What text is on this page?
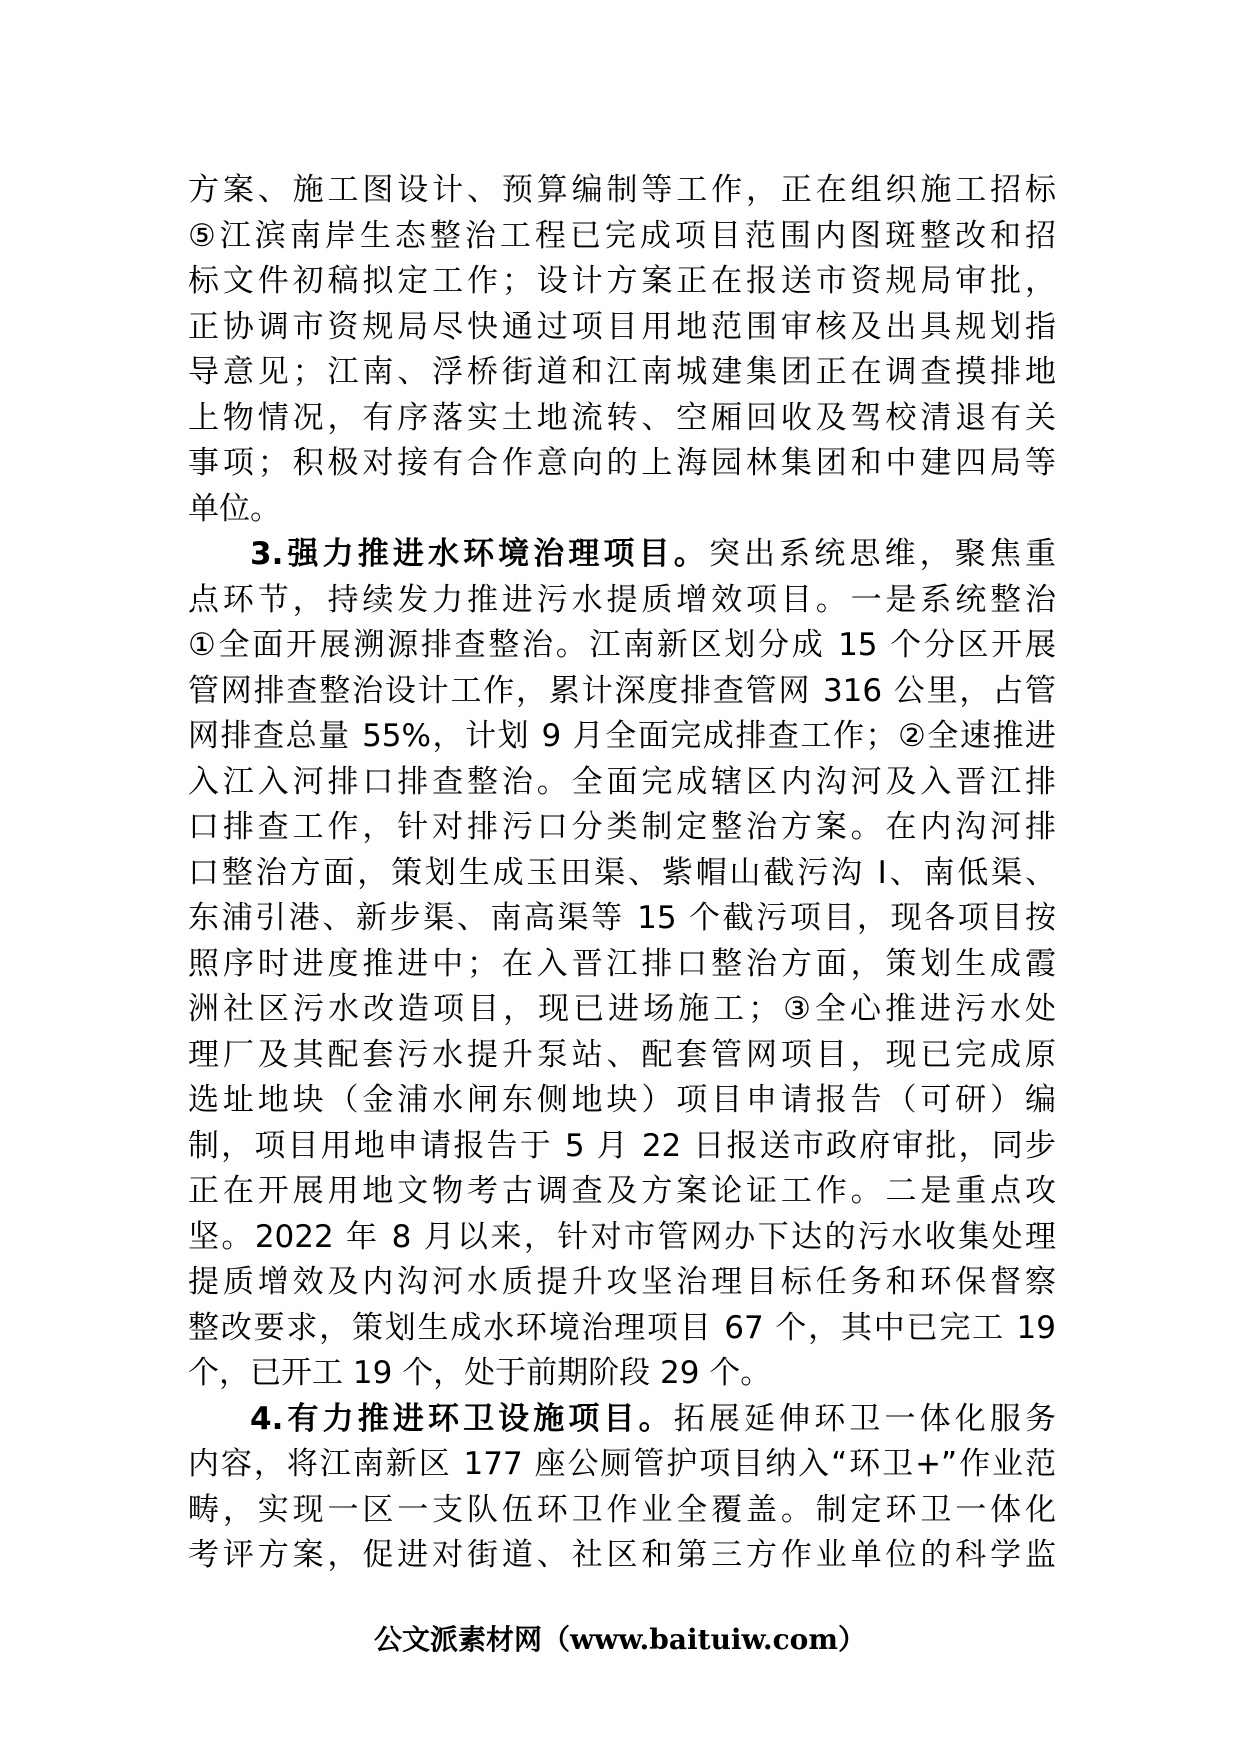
方案、施工图设计、预算编制等工作，正在组织施工招标
⑤江滨南岸生态整治工程已完成项目范围内图斑整改和招
标文件初稿拟定工作；设计方案正在报送市资规局审批，
正协调市资规局尽快通过项目用地范围审核及出具规划指
导意见；江南、浮桥街道和江南城建集团正在调查摸排地
上物情况，有序落实土地流转、空厢回收及驾校清退有关
事项；积极对接有合作意向的上海园林集团和中建四局等
单位。
3.强力推进水环境治理项目。突出系统思维，聚焦重
点环节，持续发力推进污水提质增效项目。一是系统整治
①全面开展溯源排查整治。江南新区划分成 15 个分区开展
管网排查整治设计工作，累计深度排查管网 316 公里，占管
网排查总量 55%，计划 9 月全面完成排查工作；②全速推进
入江入河排口排查整治。全面完成辖区内沟河及入晋江排
口排查工作，针对排污口分类制定整治方案。在内沟河排
口整治方面，策划生成玉田渠、紫帽山截污沟 I、南低渠、
东浦引港、新步渠、南高渠等 15 个截污项目，现各项目按
照序时进度推进中；在入晋江排口整治方面，策划生成霞
洲社区污水改造项目，现已进场施工；③全心推进污水处
理厂及其配套污水提升泵站、配套管网项目，现已完成原
选址地块（金浦水闸东侧地块）项目申请报告（可研）编
制，项目用地申请报告于 5 月 22 日报送市政府审批，同步
正在开展用地文物考古调查及方案论证工作。二是重点攻
坚。2022 年 8 月以来，针对市管网办下达的污水收集处理
提质增效及内沟河水质提升攻坚治理目标任务和环保督察
整改要求，策划生成水环境治理项目 67 个，其中已完工 19
个，已开工 19 个，处于前期阶段 29 个。
4.有力推进环卫设施项目。拓展延伸环卫一体化服务
内容，将江南新区 177 座公厕管护项目纳入“环卫+”作业范
畴，实现一区一支队伍环卫作业全覆盖。制定环卫一体化
考评方案，促进对街道、社区和第三方作业单位的科学监
公文派素材网（www.baituiw.com）
